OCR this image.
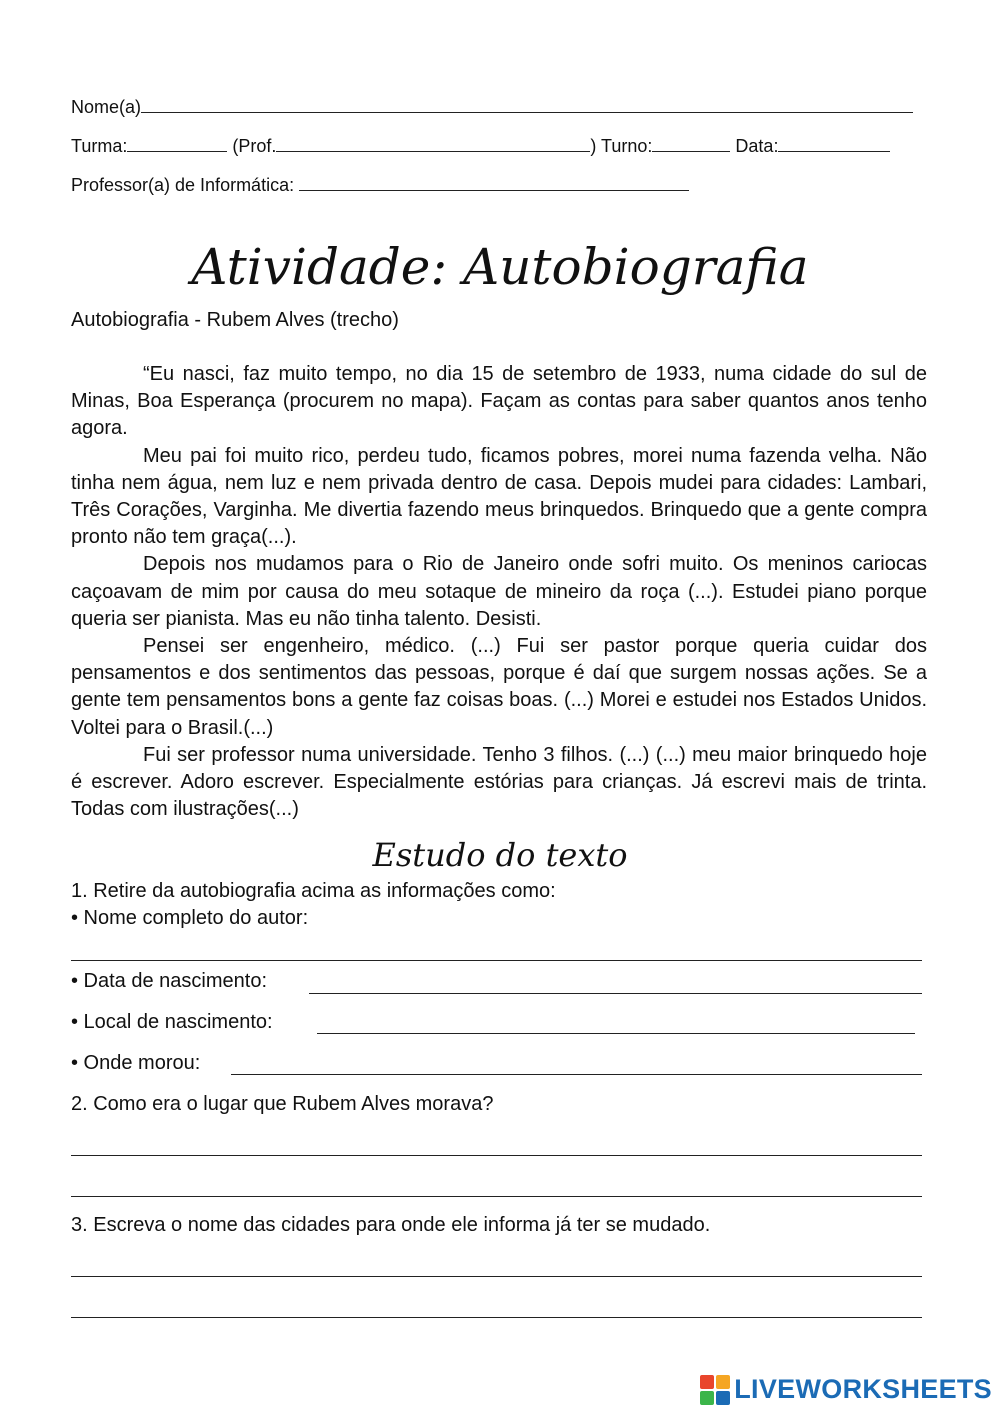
Nome(a)
Turma:	(Prof.	) Turno:	Data:
Professor(a) de Informática:
Atividade: Autobiografia
Autobiografia - Rubem Alves (trecho)

“Eu nasci, faz muito tempo, no dia 15 de setembro de 1933, numa cidade do sul de Minas, Boa Esperança (procurem no mapa). Façam as contas para saber quantos anos tenho agora.

Meu pai foi muito rico, perdeu tudo, ficamos pobres, morei numa fazenda velha. Não tinha nem água, nem luz e nem privada dentro de casa. Depois mudei para cidades: Lambari, Três Corações, Varginha. Me divertia fazendo meus brinquedos. Brinquedo que a gente compra pronto não tem graça(...).

Depois nos mudamos para o Rio de Janeiro onde sofri muito. Os meninos cariocas caçoavam de mim por causa do meu sotaque de mineiro da roça (...). Estudei piano porque queria ser pianista. Mas eu não tinha talento. Desisti.

Pensei ser engenheiro, médico. (...) Fui ser pastor porque queria cuidar dos pensamentos e dos sentimentos das pessoas, porque é daí que surgem nossas ações. Se a gente tem pensamentos bons a gente faz coisas boas. (...) Morei e estudei nos Estados Unidos. Voltei para o Brasil.(...)

Fui ser professor numa universidade. Tenho 3 filhos. (...) (...) meu maior brinquedo hoje é escrever. Adoro escrever. Especialmente estórias para crianças. Já escrevi mais de trinta. Todas com ilustrações(...)

Estudo do texto
1. Retire da autobiografia acima as informações como:
• Nome completo do autor:
• Data de nascimento:
• Local de nascimento:
• Onde morou:
2. Como era o lugar que Rubem Alves morava?
3. Escreva o nome das cidades para onde ele informa já ter se mudado.
LIVEWORKSHEETS
